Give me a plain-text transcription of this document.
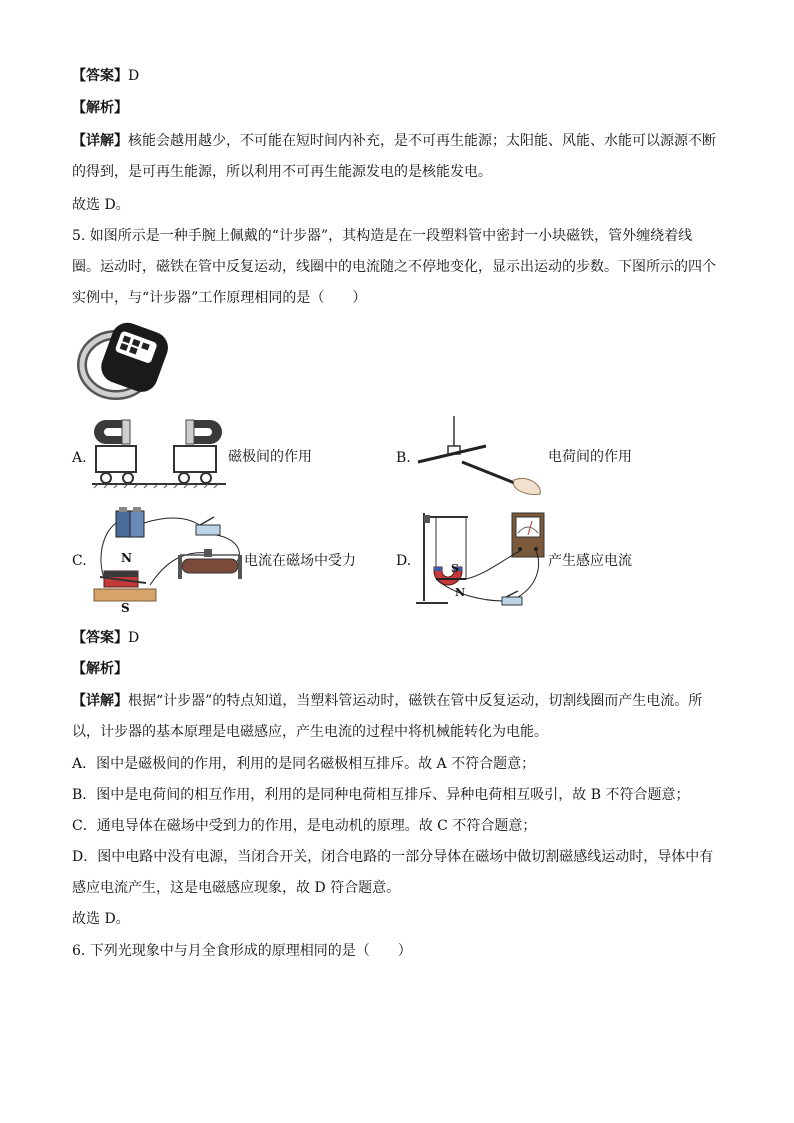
【答案】D
【解析】
【详解】核能会越用越少，不可能在短时间内补充，是不可再生能源；太阳能、风能、水能可以源源不断
的得到，是可再生能源，所以利用不可再生能源发电的是核能发电。
故选 D。
5. 如图所示是一种手腕上佩戴的“计步器”，其构造是在一段塑料管中密封一小块磁铁，管外缠绕着线
圈。运动时，磁铁在管中反复运动，线圈中的电流随之不停地变化，显示出运动的步数。下图所示的四个
实例中，与“计步器”工作原理相同的是（　　）
A.	磁极间的作用	B.	电荷间的作用
C.	N
S
电流在磁场中受力	D.	S
N
产生感应电流
【答案】D
【解析】
【详解】根据“计步器”的特点知道，当塑料管运动时，磁铁在管中反复运动，切割线圈而产生电流。所
以，计步器的基本原理是电磁感应，产生电流的过程中将机械能转化为电能。
A．图中是磁极间的作用，利用的是同名磁极相互排斥。故 A 不符合题意；
B．图中是电荷间的相互作用，利用的是同种电荷相互排斥、异种电荷相互吸引，故 B 不符合题意；
C．通电导体在磁场中受到力的作用，是电动机的原理。故 C 不符合题意；
D．图中电路中没有电源，当闭合开关，闭合电路的一部分导体在磁场中做切割磁感线运动时，导体中有
感应电流产生，这是电磁感应现象，故 D 符合题意。
故选 D。
6. 下列光现象中与月全食形成的原理相同的是（　　）
